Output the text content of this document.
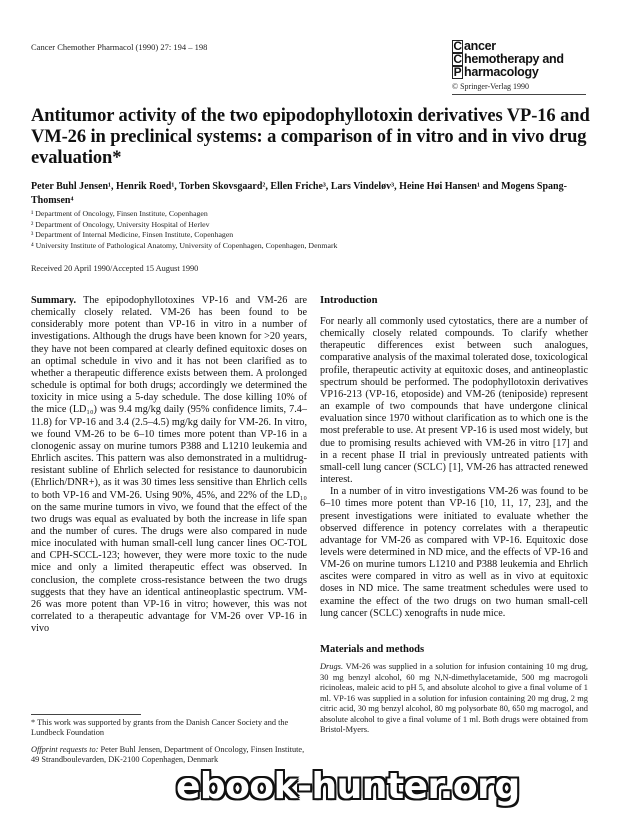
Cancer Chemother Pharmacol (1990) 27: 194 – 198	C ancer
C hemotherapy and
P harmacology
© Springer-Verlag 1990
Antitumor activity of the two epipodophyllotoxin derivatives VP-16 and VM-26 in preclinical systems: a comparison of in vitro and in vivo drug evaluation*

Peter Buhl Jensen¹, Henrik Roed¹, Torben Skovsgaard², Ellen Friche³, Lars Vindeløv³, Heine Høi Hansen¹ and Mogens Spang-Thomsen⁴

¹ Department of Oncology, Finsen Institute, Copenhagen
² Department of Oncology, University Hospital of Herlev
³ Department of Internal Medicine, Finsen Institute, Copenhagen
⁴ University Institute of Pathological Anatomy, University of Copenhagen, Copenhagen, Denmark
Received 20 April 1990/Accepted 15 August 1990

Summary. The epipodophyllotoxines VP-16 and VM-26 are chemically closely related. VM-26 has been found to be considerably more potent than VP-16 in vitro in a number of investigations. Although the drugs have been known for >20 years, they have not been compared at clearly defined equitoxic doses on an optimal schedule in vivo and it has not been clarified as to whether a therapeutic difference exists between them. A prolonged schedule is optimal for both drugs; accordingly we determined the toxicity in mice using a 5-day schedule. The dose killing 10% of the mice (LD₁₀) was 9.4 mg/kg daily (95% confidence limits, 7.4–11.8) for VP-16 and 3.4 (2.5–4.5) mg/kg daily for VM-26. In vitro, we found VM-26 to be 6–10 times more potent than VP-16 in a clonogenic assay on murine tumors P388 and L1210 leukemia and Ehrlich ascites. This pattern was also demonstrated in a multidrug-resistant subline of Ehrlich selected for resistance to daunorubicin (Ehrlich/DNR+), as it was 30 times less sensitive than Ehrlich cells to both VP-16 and VM-26. Using 90%, 45%, and 22% of the LD₁₀ on the same murine tumors in vivo, we found that the effect of the two drugs was equal as evaluated by both the increase in life span and the number of cures. The drugs were also compared in nude mice inoculated with human small-cell lung cancer lines OC-TOL and CPH-SCCL-123; however, they were more toxic to the nude mice and only a limited therapeutic effect was observed. In conclusion, the complete cross-resistance between the two drugs suggests that they have an identical antineoplastic spectrum. VM-26 was more potent than VP-16 in vitro; however, this was not correlated to a therapeutic advantage for VM-26 over VP-16 in vivo

Introduction

For nearly all commonly used cytostatics, there are a number of chemically closely related compounds. To clarify whether therapeutic differences exist between such analogues, comparative analysis of the maximal tolerated dose, toxicological profile, therapeutic activity at equitoxic doses, and antineoplastic spectrum should be performed. The podophyllotoxin derivatives VP16-213 (VP-16, etoposide) and VM-26 (teniposide) represent an example of two compounds that have undergone clinical evaluation since 1970 without clarification as to which one is the most preferable to use. At present VP-16 is used most widely, but due to promising results achieved with VM-26 in vitro [17] and in a recent phase II trial in previously untreated patients with small-cell lung cancer (SCLC) [1], VM-26 has attracted renewed interest.

In a number of in vitro investigations VM-26 was found to be 6–10 times more potent than VP-16 [10, 11, 17, 23], and the present investigations were initiated to evaluate whether the observed difference in potency correlates with a therapeutic advantage for VM-26 as compared with VP-16. Equitoxic dose levels were determined in ND mice, and the effects of VP-16 and VM-26 on murine tumors L1210 and P388 leukemia and Ehrlich ascites were compared in vitro as well as in vivo at equitoxic doses in ND mice. The same treatment schedules were used to examine the effect of the two drugs on two human small-cell lung cancer (SCLC) xenografts in nude mice.

Materials and methods

Drugs. VM-26 was supplied in a solution for infusion containing 10 mg drug, 30 mg benzyl alcohol, 60 mg N,N-dimethylacetamide, 500 mg macrogoli ricinoleas, maleic acid to pH 5, and absolute alcohol to give a final volume of 1 ml. VP-16 was supplied in a solution for infusion containing 20 mg drug, 2 mg citric acid, 30 mg benzyl alcohol, 80 mg polysorbate 80, 650 mg macrogol, and absolute alcohol to give a final volume of 1 ml. Both drugs were obtained from Bristol-Myers.

* This work was supported by grants from the Danish Cancer Society and the Lundbeck Foundation

Offprint requests to: Peter Buhl Jensen, Department of Oncology, Finsen Institute, 49 Strandboulevarden, DK-2100 Copenhagen, Denmark

ebook-hunter.org
